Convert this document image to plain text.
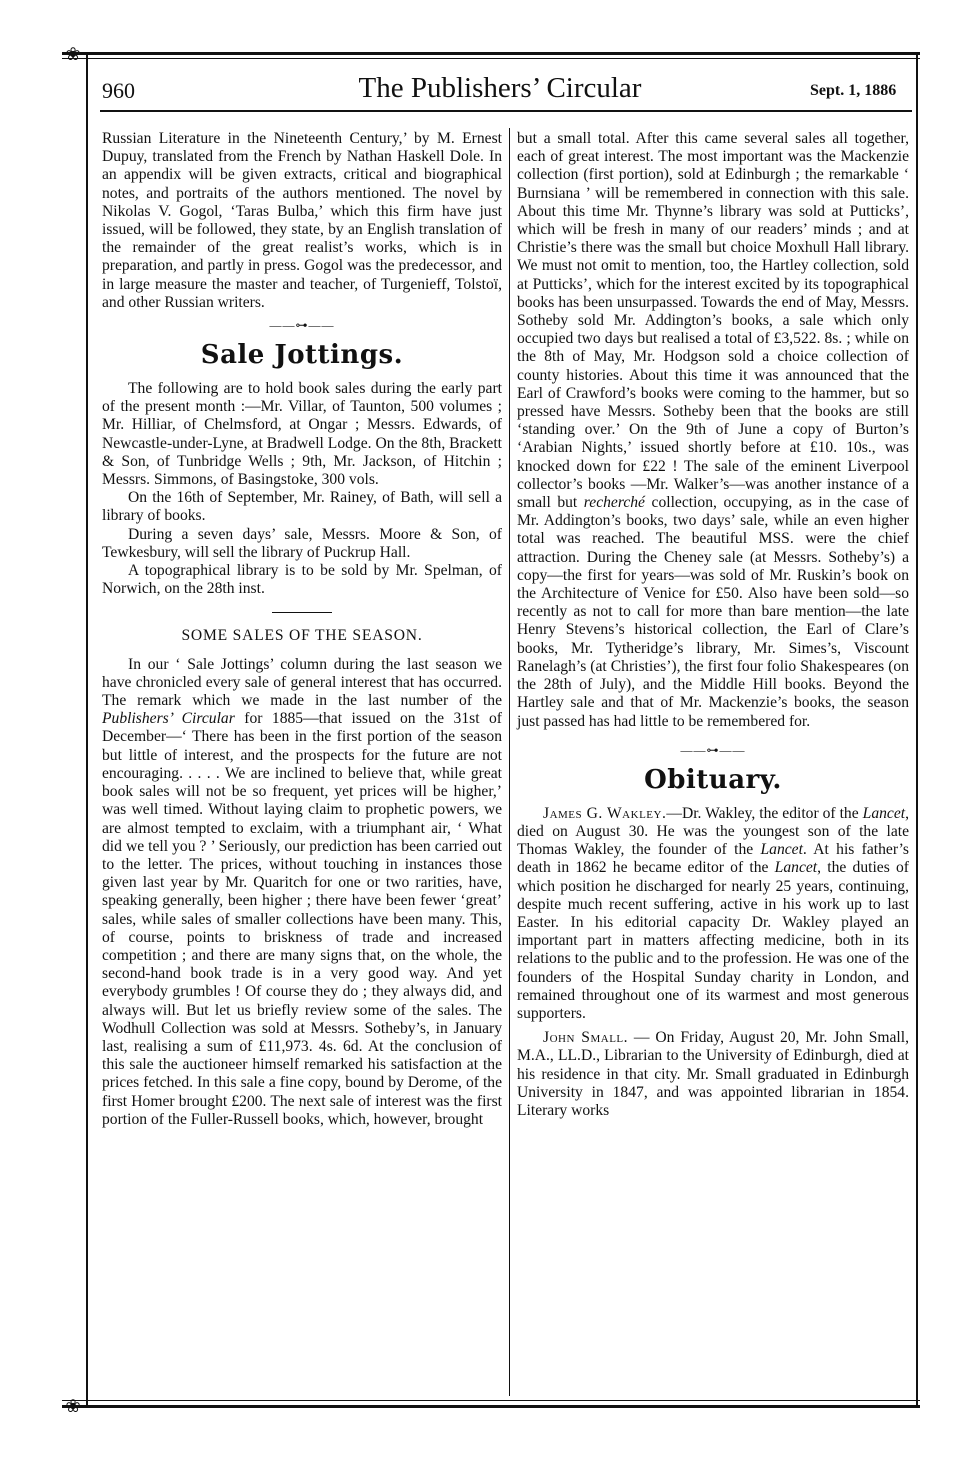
❀
❀
960	The Publishers’ Circular	Sept. 1, 1886

Russian Literature in the Nineteenth Century,’ by M. Ernest Dupuy, translated from the French by Nathan Haskell Dole. In an appendix will be given extracts, critical and biographical notes, and portraits of the authors mentioned. The novel by Nikolas V. Gogol, ‘Taras Bulba,’ which this firm have just issued, will be followed, they state, by an English translation of the remainder of the great realist’s works, which is in preparation, and partly in press. Gogol was the predecessor, and in large measure the master and teacher, of Turgenieff, Tolstoï, and other Russian writers.

——⊶——
Sale Jottings.

The following are to hold book sales during the early part of the present month :—Mr. Villar, of Taunton, 500 volumes ; Mr. Hilliar, of Chelmsford, at Ongar ; Messrs. Edwards, of Newcastle-under-Lyne, at Bradwell Lodge. On the 8th, Brackett & Son, of Tunbridge Wells ; 9th, Mr. Jackson, of Hitchin ; Messrs. Simmons, of Basingstoke, 300 vols.

On the 16th of September, Mr. Rainey, of Bath, will sell a library of books.

During a seven days’ sale, Messrs. Moore & Son, of Tewkesbury, will sell the library of Puckrup Hall.

A topographical library is to be sold by Mr. Spelman, of Norwich, on the 28th inst.

SOME SALES OF THE SEASON.

In our ‘ Sale Jottings’ column during the last season we have chronicled every sale of general interest that has occurred. The remark which we made in the last number of the Publishers’ Circular for 1885—that issued on the 31st of December—‘ There has been in the first portion of the season but little of interest, and the prospects for the future are not encouraging. . . . . We are inclined to believe that, while great book sales will not be so frequent, yet prices will be higher,’ was well timed. Without laying claim to prophetic powers, we are almost tempted to exclaim, with a triumphant air, ‘ What did we tell you ? ’ Seriously, our prediction has been carried out to the letter. The prices, without touching in instances those given last year by Mr. Quaritch for one or two rarities, have, speaking generally, been higher ; there have been fewer ‘great’ sales, while sales of smaller collections have been many. This, of course, points to briskness of trade and increased competition ; and there are many signs that, on the whole, the second-hand book trade is in a very good way. And yet everybody grumbles ! Of course they do ; they always did, and always will. But let us briefly review some of the sales. The Wodhull Collection was sold at Messrs. Sotheby’s, in January last, realising a sum of £11,973. 4s. 6d. At the conclusion of this sale the auctioneer himself remarked his satisfaction at the prices fetched. In this sale a fine copy, bound by Derome, of the first Homer brought £200. The next sale of interest was the first portion of the Fuller-Russell books, which, however, brought

but a small total. After this came several sales all together, each of great interest. The most important was the Mackenzie collection (first portion), sold at Edinburgh ; the remarkable ‘ Burnsiana ’ will be remembered in connection with this sale. About this time Mr. Thynne’s library was sold at Putticks’, which will be fresh in many of our readers’ minds ; and at Christie’s there was the small but choice Moxhull Hall library. We must not omit to mention, too, the Hartley collection, sold at Putticks’, which for the interest excited by its topographical books has been unsurpassed. Towards the end of May, Messrs. Sotheby sold Mr. Addington’s books, a sale which only occupied two days but realised a total of £3,522. 8s. ; while on the 8th of May, Mr. Hodgson sold a choice collection of county histories. About this time it was announced that the Earl of Crawford’s books were coming to the hammer, but so pressed have Messrs. Sotheby been that the books are still ‘standing over.’ On the 9th of June a copy of Burton’s ‘Arabian Nights,’ issued shortly before at £10. 10s., was knocked down for £22 ! The sale of the eminent Liverpool collector’s books —Mr. Walker’s—was another instance of a small but recherché collection, occupying, as in the case of Mr. Addington’s books, two days’ sale, while an even higher total was reached. The beautiful MSS. were the chief attraction. During the Cheney sale (at Messrs. Sotheby’s) a copy—the first for years—was sold of Mr. Ruskin’s book on the Architecture of Venice for £50. Also have been sold—so recently as not to call for more than bare mention—the late Henry Stevens’s historical collection, the Earl of Clare’s books, Mr. Tytheridge’s library, Mr. Simes’s, Viscount Ranelagh’s (at Christies’), the first four folio Shakespeares (on the 28th of July), and the Middle Hill books. Beyond the Hartley sale and that of Mr. Mackenzie’s books, the season just passed has had little to be remembered for.

——⊶——
Obituary.

James G. Wakley.—Dr. Wakley, the editor of the Lancet, died on August 30. He was the youngest son of the late Thomas Wakley, the founder of the Lancet. At his father’s death in 1862 he became editor of the Lancet, the duties of which position he discharged for nearly 25 years, continuing, despite much recent suffering, active in his work up to last Easter. In his editorial capacity Dr. Wakley played an important part in matters affecting medicine, both in its relations to the public and to the profession. He was one of the founders of the Hospital Sunday charity in London, and remained throughout one of its warmest and most generous supporters.

John Small. — On Friday, August 20, Mr. John Small, M.A., LL.D., Librarian to the University of Edinburgh, died at his residence in that city. Mr. Small graduated in Edinburgh University in 1847, and was appointed librarian in 1854. Literary works
